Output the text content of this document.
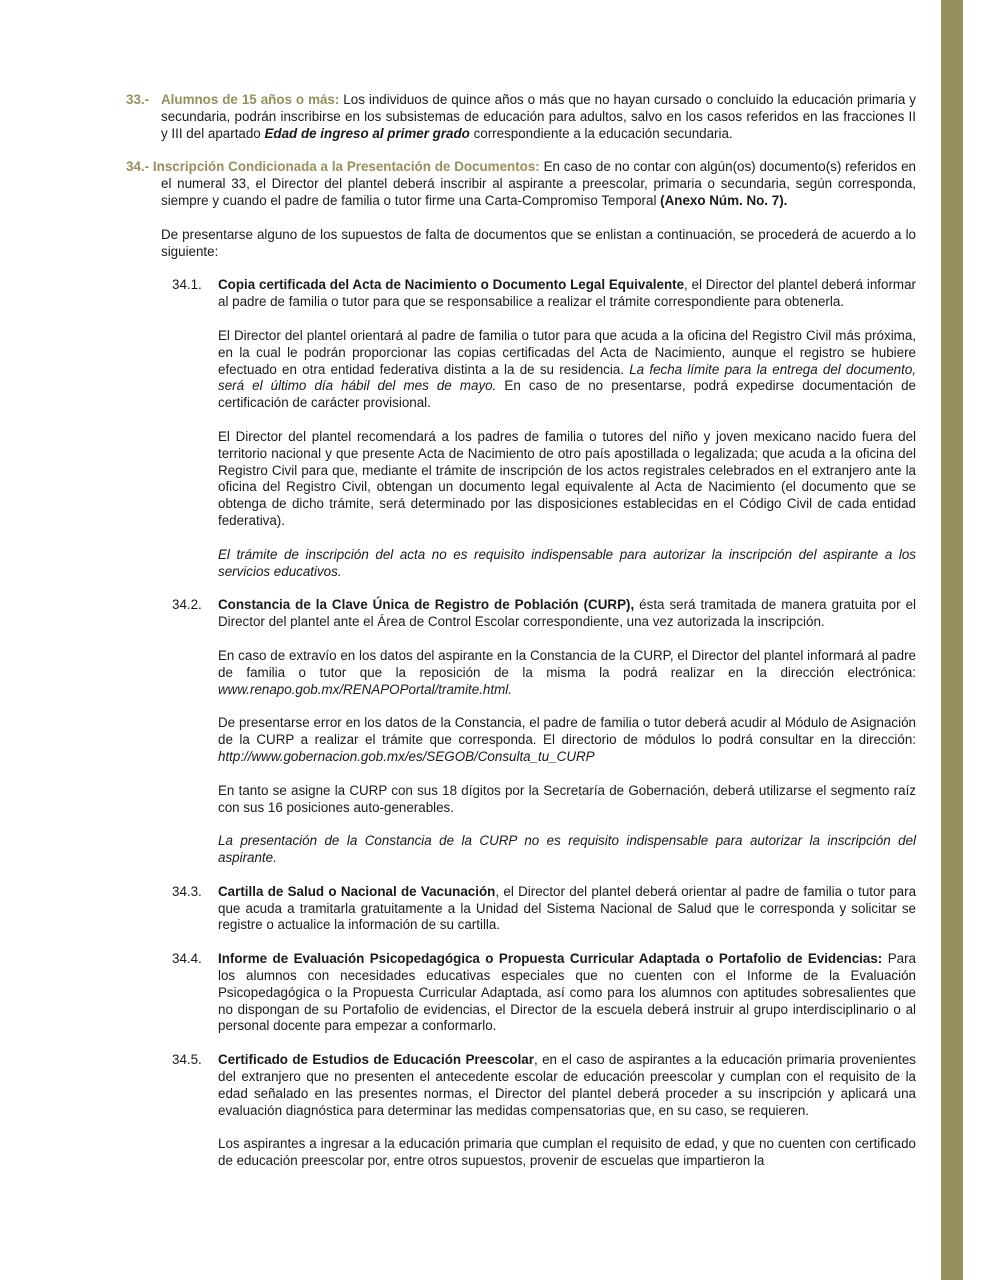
33.- Alumnos de 15 años o más: Los individuos de quince años o más que no hayan cursado o concluido la educación primaria y secundaria, podrán inscribirse en los subsistemas de educación para adultos, salvo en los casos referidos en las fracciones II y III del apartado Edad de ingreso al primer grado correspondiente a la educación secundaria.

34.- Inscripción Condicionada a la Presentación de Documentos: En caso de no contar con algún(os) documento(s) referidos en el numeral 33, el Director del plantel deberá inscribir al aspirante a preescolar, primaria o secundaria, según corresponda, siempre y cuando el padre de familia o tutor firme una Carta-Compromiso Temporal (Anexo Núm. No. 7).

De presentarse alguno de los supuestos de falta de documentos que se enlistan a continuación, se procederá de acuerdo a lo siguiente:

34.1. Copia certificada del Acta de Nacimiento o Documento Legal Equivalente, el Director del plantel deberá informar al padre de familia o tutor para que se responsabilice a realizar el trámite correspondiente para obtenerla.

El Director del plantel orientará al padre de familia o tutor para que acuda a la oficina del Registro Civil más próxima, en la cual le podrán proporcionar las copias certificadas del Acta de Nacimiento, aunque el registro se hubiere efectuado en otra entidad federativa distinta a la de su residencia. La fecha límite para la entrega del documento, será el último día hábil del mes de mayo. En caso de no presentarse, podrá expedirse documentación de certificación de carácter provisional.

El Director del plantel recomendará a los padres de familia o tutores del niño y joven mexicano nacido fuera del territorio nacional y que presente Acta de Nacimiento de otro país apostillada o legalizada; que acuda a la oficina del Registro Civil para que, mediante el trámite de inscripción de los actos registrales celebrados en el extranjero ante la oficina del Registro Civil, obtengan un documento legal equivalente al Acta de Nacimiento (el documento que se obtenga de dicho trámite, será determinado por las disposiciones establecidas en el Código Civil de cada entidad federativa).

El trámite de inscripción del acta no es requisito indispensable para autorizar la inscripción del aspirante a los servicios educativos.

34.2. Constancia de la Clave Única de Registro de Población (CURP), ésta será tramitada de manera gratuita por el Director del plantel ante el Área de Control Escolar correspondiente, una vez autorizada la inscripción.

En caso de extravío en los datos del aspirante en la Constancia de la CURP, el Director del plantel informará al padre de familia o tutor que la reposición de la misma la podrá realizar en la dirección electrónica: www.renapo.gob.mx/RENAPOPortal/tramite.html.

De presentarse error en los datos de la Constancia, el padre de familia o tutor deberá acudir al Módulo de Asignación de la CURP a realizar el trámite que corresponda. El directorio de módulos lo podrá consultar en la dirección: http://www.gobernacion.gob.mx/es/SEGOB/Consulta_tu_CURP

En tanto se asigne la CURP con sus 18 dígitos por la Secretaría de Gobernación, deberá utilizarse el segmento raíz con sus 16 posiciones auto-generables.

La presentación de la Constancia de la CURP no es requisito indispensable para autorizar la inscripción del aspirante.

34.3. Cartilla de Salud o Nacional de Vacunación, el Director del plantel deberá orientar al padre de familia o tutor para que acuda a tramitarla gratuitamente a la Unidad del Sistema Nacional de Salud que le corresponda y solicitar se registre o actualice la información de su cartilla.

34.4. Informe de Evaluación Psicopedagógica o Propuesta Curricular Adaptada o Portafolio de Evidencias: Para los alumnos con necesidades educativas especiales que no cuenten con el Informe de la Evaluación Psicopedagógica o la Propuesta Curricular Adaptada, así como para los alumnos con aptitudes sobresalientes que no dispongan de su Portafolio de evidencias, el Director de la escuela deberá instruir al grupo interdisciplinario o al personal docente para empezar a conformarlo.

34.5. Certificado de Estudios de Educación Preescolar, en el caso de aspirantes a la educación primaria provenientes del extranjero que no presenten el antecedente escolar de educación preescolar y cumplan con el requisito de la edad señalado en las presentes normas, el Director del plantel deberá proceder a su inscripción y aplicará una evaluación diagnóstica para determinar las medidas compensatorias que, en su caso, se requieren.

Los aspirantes a ingresar a la educación primaria que cumplan el requisito de edad, y que no cuenten con certificado de educación preescolar por, entre otros supuestos, provenir de escuelas que impartieron la
